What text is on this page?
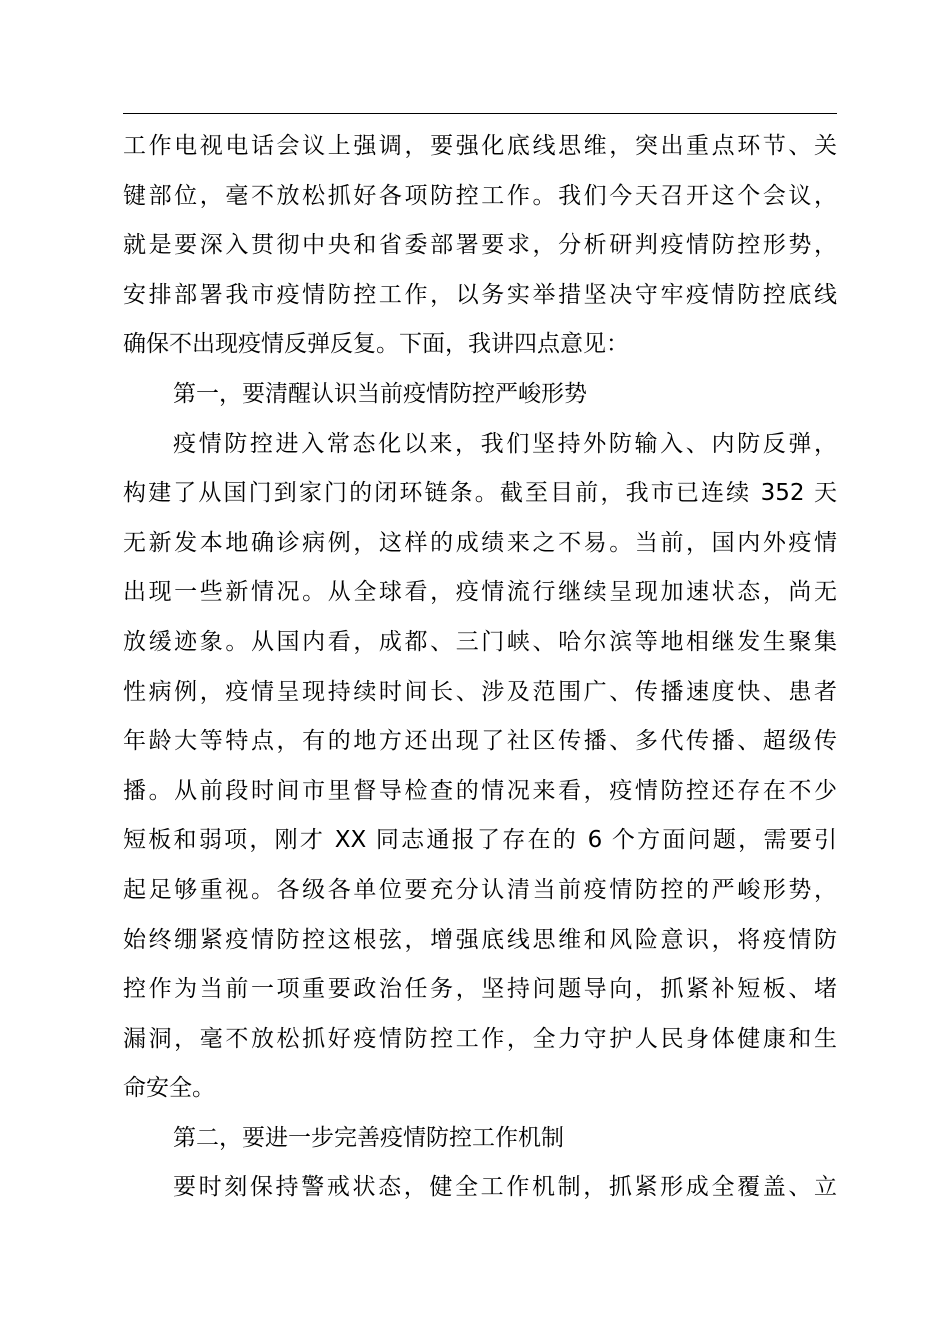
工作电视电话会议上强调，要强化底线思维，突出重点环节、关
键部位，毫不放松抓好各项防控工作。我们今天召开这个会议，
就是要深入贯彻中央和省委部署要求，分析研判疫情防控形势，
安排部署我市疫情防控工作，以务实举措坚决守牢疫情防控底线
确保不出现疫情反弹反复。下面，我讲四点意见：
第一，要清醒认识当前疫情防控严峻形势
疫情防控进入常态化以来，我们坚持外防输入、内防反弹，
构建了从国门到家门的闭环链条。截至目前，我市已连续 352 天
无新发本地确诊病例，这样的成绩来之不易。当前，国内外疫情
出现一些新情况。从全球看，疫情流行继续呈现加速状态，尚无
放缓迹象。从国内看，成都、三门峡、哈尔滨等地相继发生聚集
性病例，疫情呈现持续时间长、涉及范围广、传播速度快、患者
年龄大等特点，有的地方还出现了社区传播、多代传播、超级传
播。从前段时间市里督导检查的情况来看，疫情防控还存在不少
短板和弱项，刚才 XX 同志通报了存在的 6 个方面问题，需要引
起足够重视。各级各单位要充分认清当前疫情防控的严峻形势，
始终绷紧疫情防控这根弦，增强底线思维和风险意识，将疫情防
控作为当前一项重要政治任务，坚持问题导向，抓紧补短板、堵
漏洞，毫不放松抓好疫情防控工作，全力守护人民身体健康和生
命安全。
第二，要进一步完善疫情防控工作机制
要时刻保持警戒状态，健全工作机制，抓紧形成全覆盖、立
